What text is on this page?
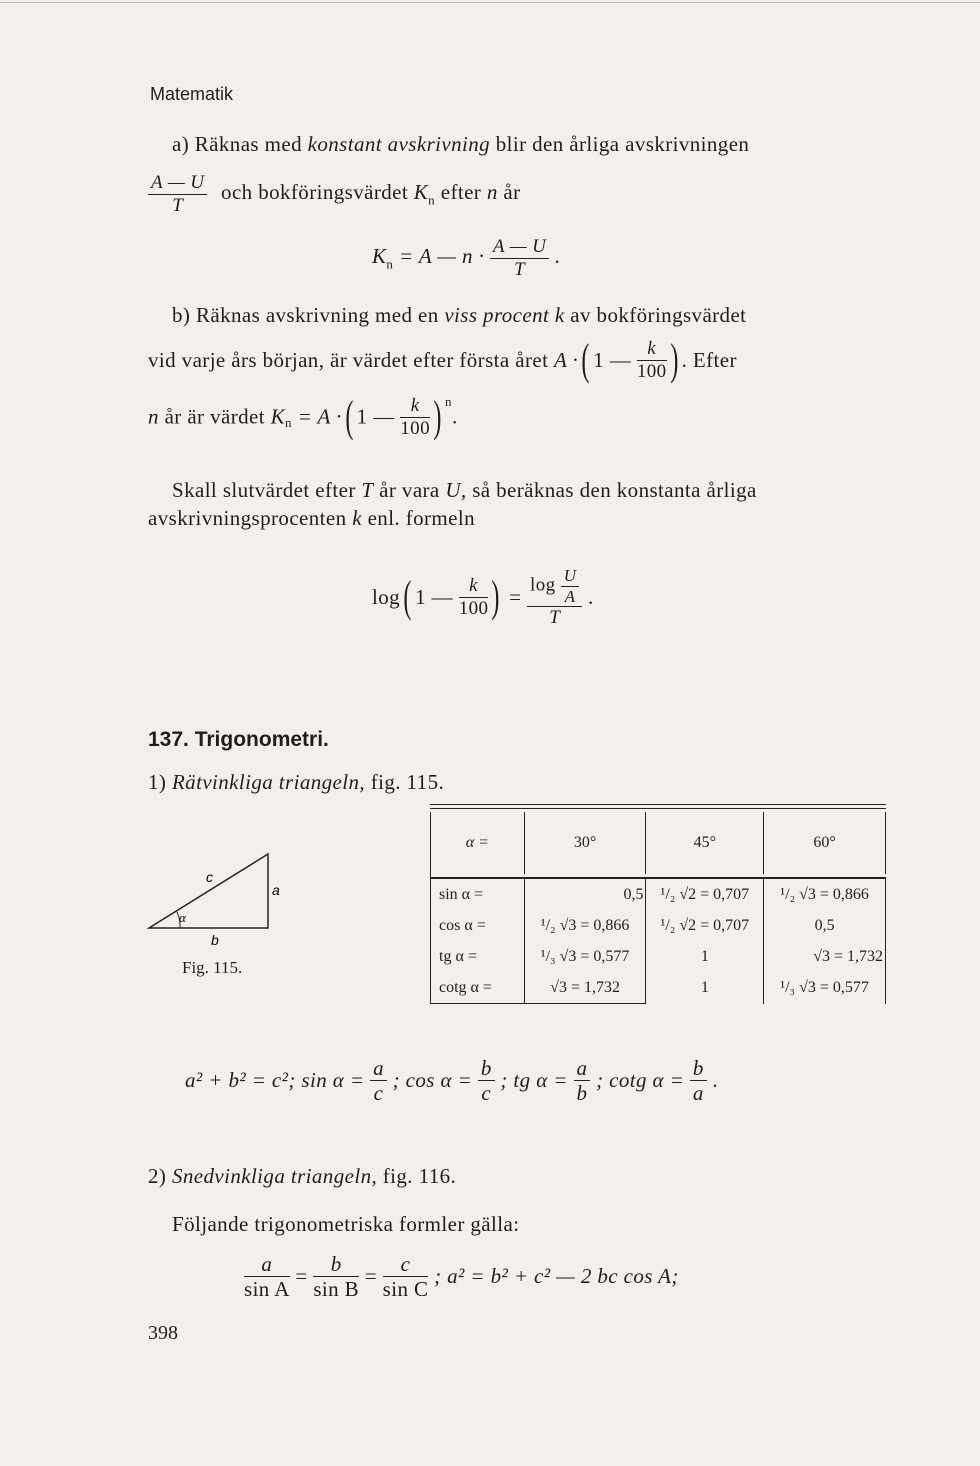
Matematik
a) Räknas med konstant avskrivning blir den årliga avskrivningen
$\frac{A — U}{T}$ och bokföringsvärdet $K_n$ efter n år
$K_n = A$ — $n \cdot \frac{A — U}{T}$ .
b) Räknas avskrivning med en viss procent k av bokföringsvärdet
vid varje års början, är värdet efter första året A ·( 1 — $\frac{k}{100}$ ) . Efter
n år är värdet $K_n = A$ ·( 1 — $\frac{k}{100}$ ) $^n$.
Skall slutvärdet efter T år vara U, så beräknas den konstanta årliga
avskrivningsprocenten k enl. formeln
log( 1 — $\frac{k}{100}$ ) = $\frac{\log \frac{U}{A}}{T}$ .
137. Trigonometri.
1) Rätvinkliga triangeln, fig. 115.
c
a
α
b
Fig. 115.
α =	30°	45°	60°

sin α =	0,5	¹/₂ √2 = 0,707	¹/₂ √3 = 0,866
cos α =	¹/₂ √3 = 0,866	¹/₂ √2 = 0,707	0,5
tg α =	¹/₃ √3 = 0,577	1	√3 = 1,732
cotg α =	√3 = 1,732	1	¹/₃ √3 = 0,577
a² + b² = c²; $\sin \alpha = \frac{a}{c}$ ; $\cos \alpha = \frac{b}{c}$ ; tg $\alpha = \frac{a}{b}$ ; cotg $\alpha = \frac{b}{a}$ .
2) Snedvinkliga triangeln, fig. 116.
Följande trigonometriska formler gälla:
$\frac{a}{\text{sin A}} = \frac{b}{\text{sin B}} = \frac{c}{\text{sin C}}$ ; a² = b² + c² — 2 bc cos A;
398
